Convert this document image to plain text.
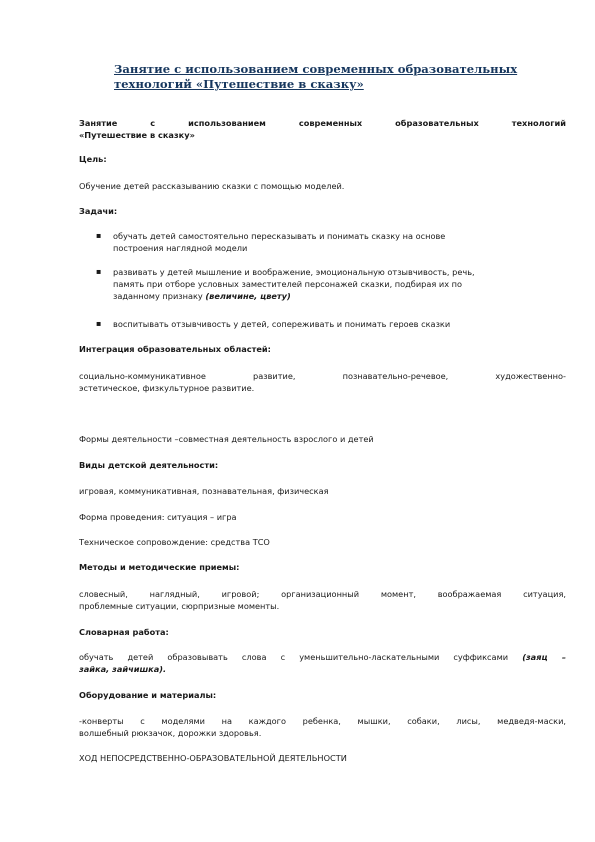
Занятие с использованием современных образовательных
технологий «Путешествие в сказку»
Занятие с использованием современных образовательных технологий
«Путешествие в сказку»
Цель:
Обучение детей рассказыванию сказки с помощью моделей.
Задачи:
▪ обучать детей самостоятельно пересказывать и понимать сказку на основе
построения наглядной модели
▪ развивать у детей мышление и воображение, эмоциональную отзывчивость, речь,
память при отборе условных заместителей персонажей сказки, подбирая их по
заданному признаку (величине, цвету)
▪ воспитывать отзывчивость у детей, сопереживать и понимать героев сказки
Интеграция образовательных областей:
социально-коммуникативное развитие, познавательно-речевое, художественно-
эстетическое, физкультурное развитие.
Формы деятельности –совместная деятельность взрослого и детей
Виды детской деятельности:
игровая, коммуникативная, познавательная, физическая
Форма проведения: ситуация – игра
Техническое сопровождение: средства ТСО
Методы и методические приемы:
словесный, наглядный, игровой; организационный момент, воображаемая ситуация,
проблемные ситуации, сюрпризные моменты.
Словарная работа:
обучать детей образовывать слова с уменьшительно-ласкательными суффиксами (заяц –
зайка, зайчишка).
Оборудование и материалы:
-конверты с моделями на каждого ребенка, мышки, собаки, лисы, медведя-маски,
волшебный рюкзачок, дорожки здоровья.
ХОД НЕПОСРЕДСТВЕННО-ОБРАЗОВАТЕЛЬНОЙ ДЕЯТЕЛЬНОСТИ
